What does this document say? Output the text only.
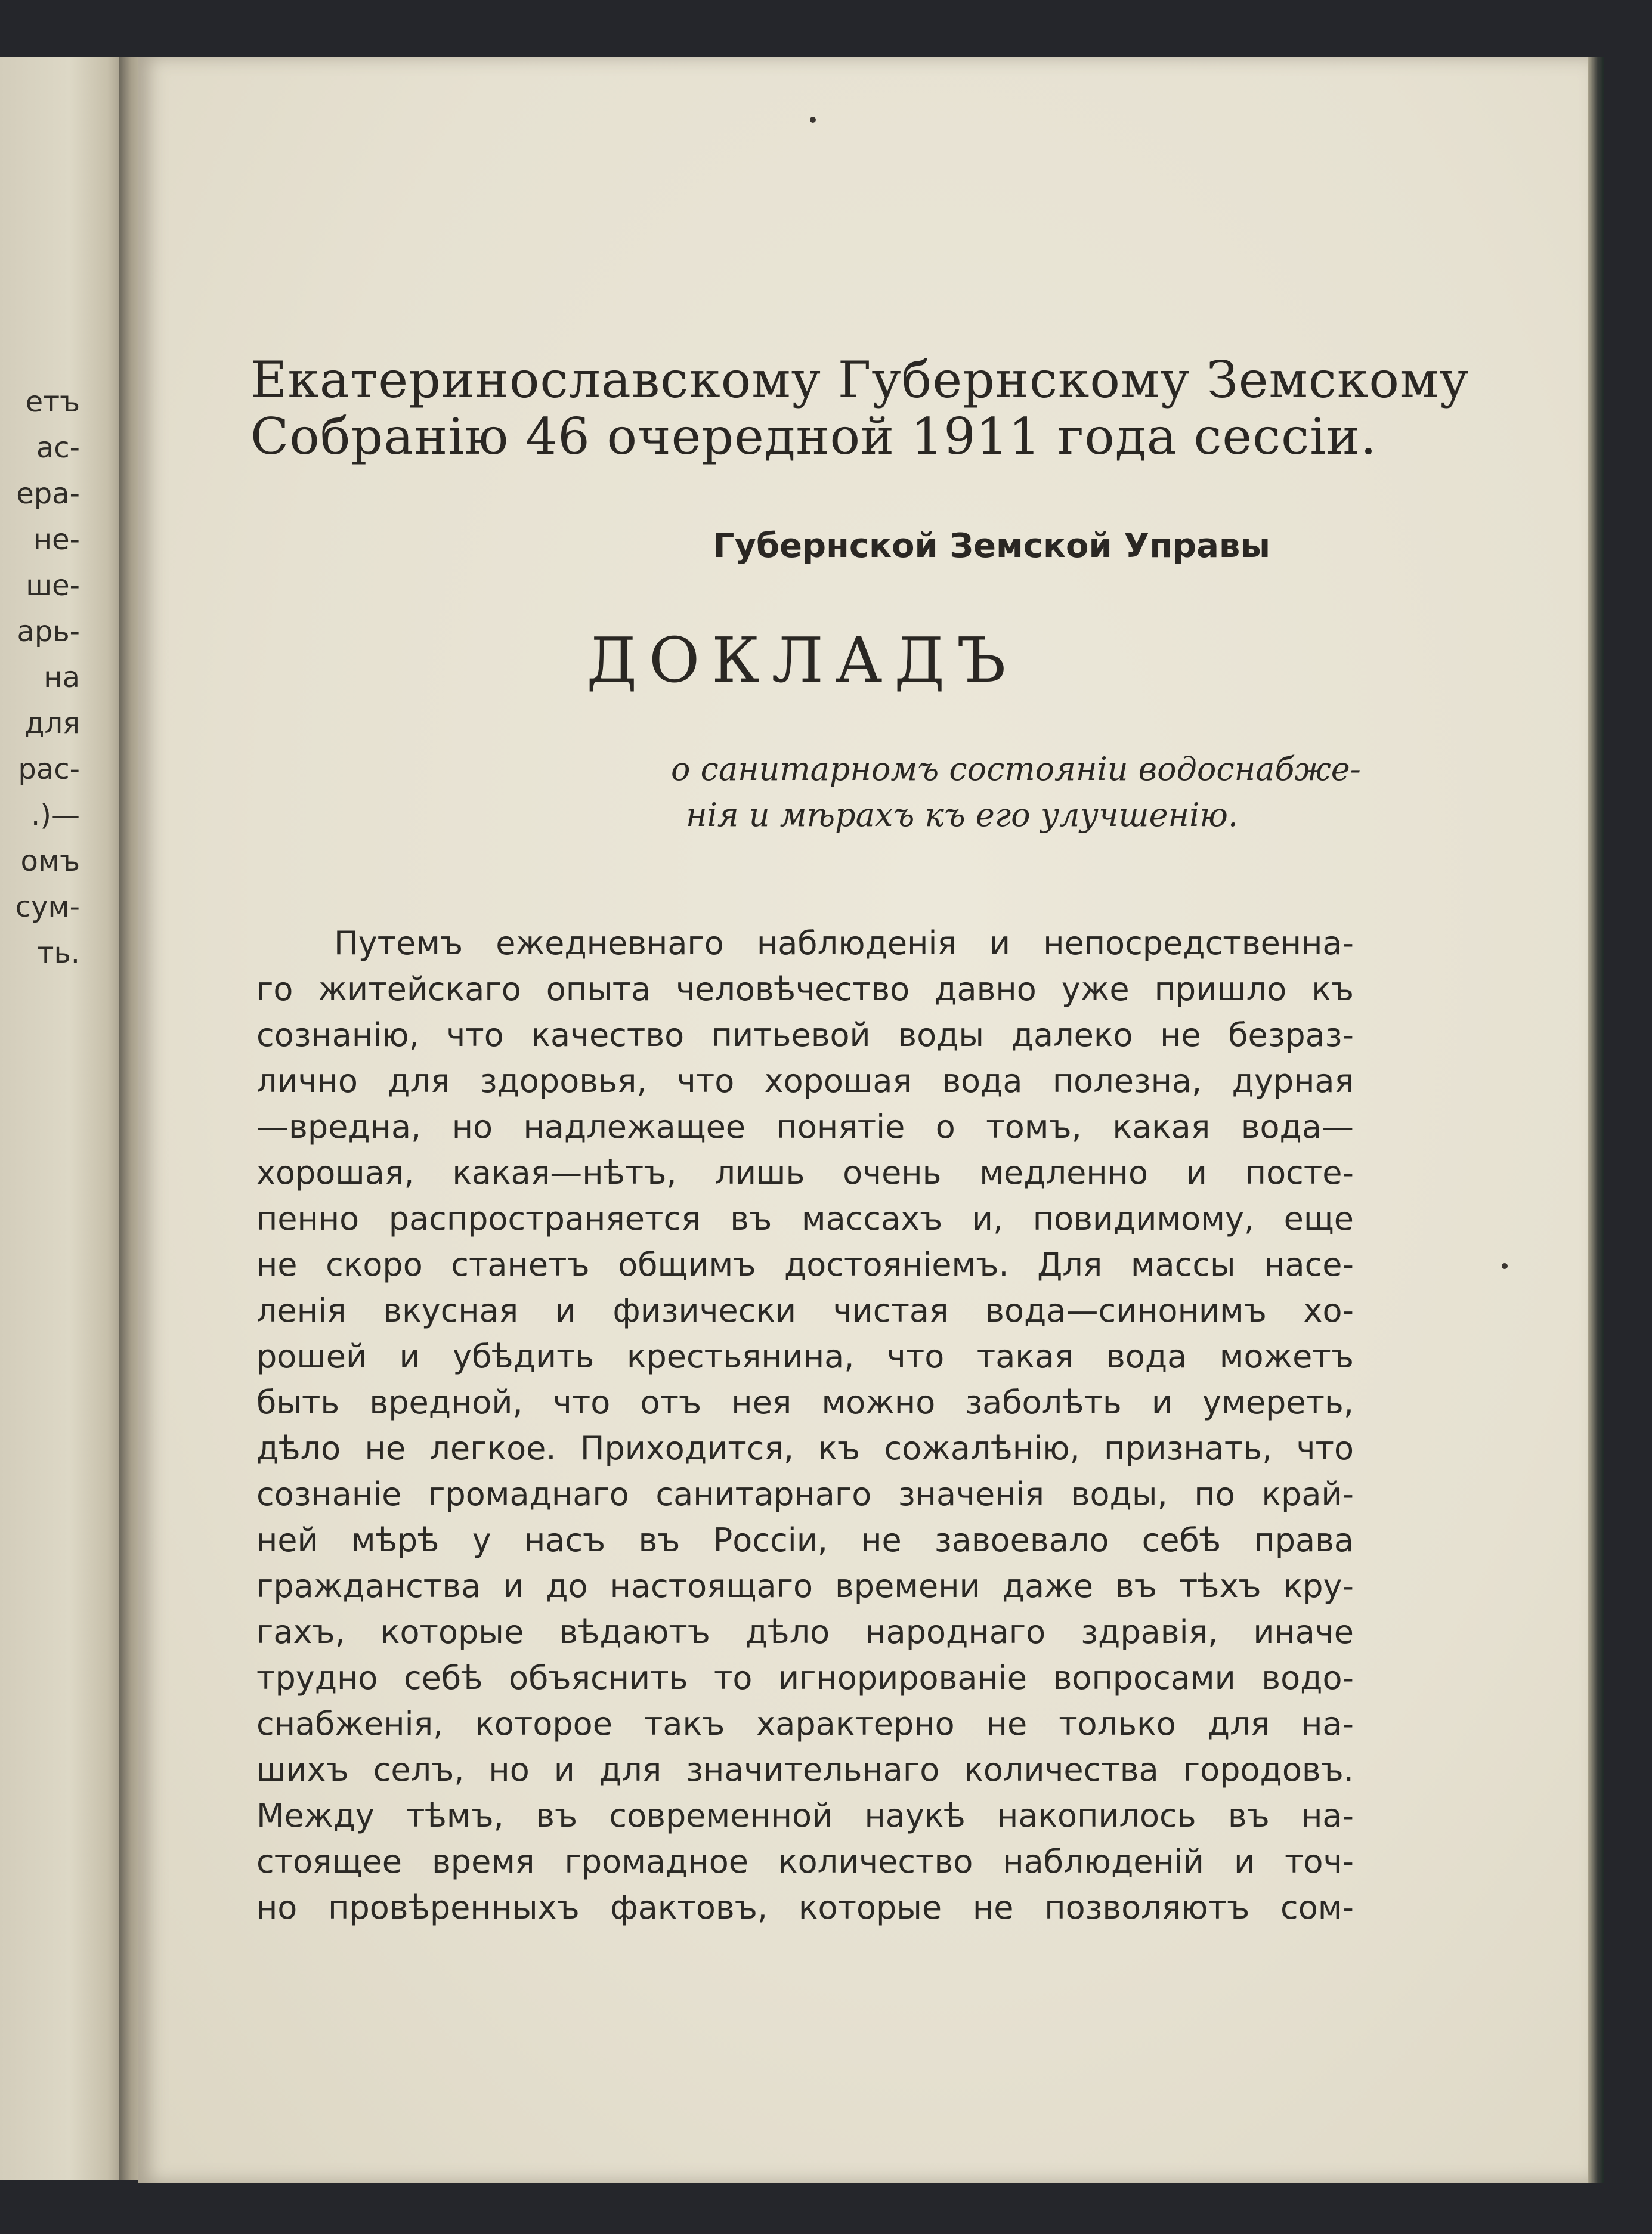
етъ
ас-
ера-
не-
ше-
арь-
на
для
рас-
.)—
омъ
сум-
ть.
Екатеринославскому Губернскому Земскому
Собранію 46 очередной 1911 года сессіи.
Губернской Земской Управы
ДОКЛАДЪ
о санитарномъ состояніи водоснабже-
нія и мѣрахъ къ его улучшенію.
Путемъ ежедневнаго наблюденія и непосредственна-
го житейскаго опыта человѣчество давно уже пришло къ
сознанію, что качество питьевой воды далеко не безраз-
лично для здоровья, что хорошая вода полезна, дурная
—вредна, но надлежащее понятіе о томъ, какая вода—
хорошая, какая—нѣтъ, лишь очень медленно и посте-
пенно распространяется въ массахъ и, повидимому, еще
не скоро станетъ общимъ достояніемъ. Для массы насе-
ленія вкусная и физически чистая вода—синонимъ хо-
рошей и убѣдить крестьянина, что такая вода можетъ
быть вредной, что отъ нея можно заболѣть и умереть,
дѣло не легкое. Приходится, къ сожалѣнію, признать, что
сознаніе громаднаго санитарнаго значенія воды, по край-
ней мѣрѣ у насъ въ Россіи, не завоевало себѣ права
гражданства и до настоящаго времени даже въ тѣхъ кру-
гахъ, которые вѣдаютъ дѣло народнаго здравія, иначе
трудно себѣ объяснить то игнорированіе вопросами водо-
снабженія, которое такъ характерно не только для на-
шихъ селъ, но и для значительнаго количества городовъ.
Между тѣмъ, въ современной наукѣ накопилось въ на-
стоящее время громадное количество наблюденій и точ-
но провѣренныхъ фактовъ, которые не позволяютъ сом-
